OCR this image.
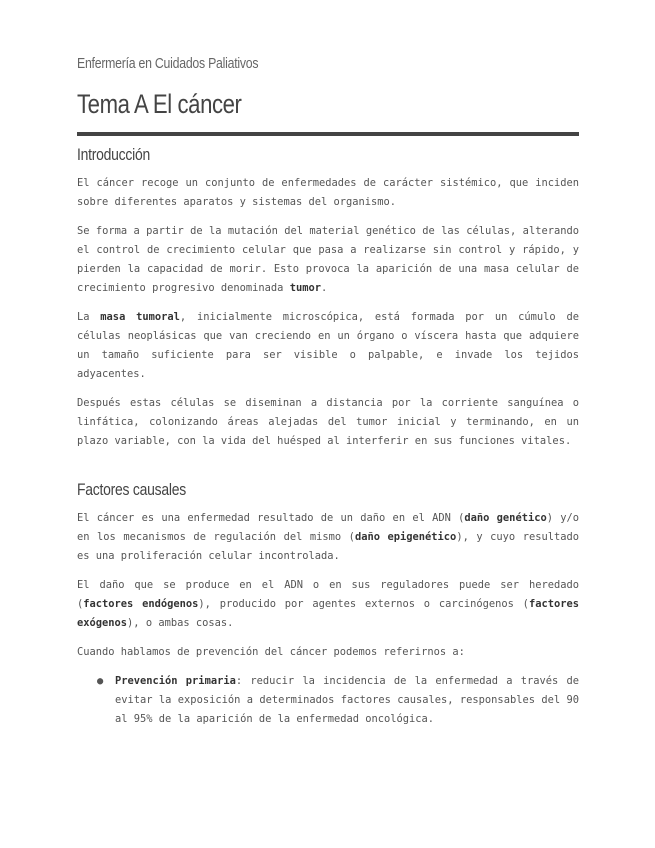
Enfermería en Cuidados Paliativos
Tema A El cáncer
Introducción

El cáncer recoge un conjunto de enfermedades de carácter sistémico, que inciden sobre diferentes aparatos y sistemas del organismo.

Se forma a partir de la mutación del material genético de las células, alterando el control de crecimiento celular que pasa a realizarse sin control y rápido, y pierden la capacidad de morir. Esto provoca la aparición de una masa celular de crecimiento progresivo denominada tumor.

La masa tumoral, inicialmente microscópica, está formada por un cúmulo de células neoplásicas que van creciendo en un órgano o víscera hasta que adquiere un tamaño suficiente para ser visible o palpable, e invade los tejidos adyacentes.

Después estas células se diseminan a distancia por la corriente sanguínea o linfática, colonizando áreas alejadas del tumor inicial y terminando, en un plazo variable, con la vida del huésped al interferir en sus funciones vitales.

Factores causales

El cáncer es una enfermedad resultado de un daño en el ADN (daño genético) y/o en los mecanismos de regulación del mismo (daño epigenético), y cuyo resultado es una proliferación celular incontrolada.

El daño que se produce en el ADN o en sus reguladores puede ser heredado (factores endógenos), producido por agentes externos o carcinógenos (factores exógenos), o ambas cosas.

Cuando hablamos de prevención del cáncer podemos referirnos a:

● Prevención primaria: reducir la incidencia de la enfermedad a través de evitar la exposición a determinados factores causales, responsables del 90 al 95% de la aparición de la enfermedad oncológica.
